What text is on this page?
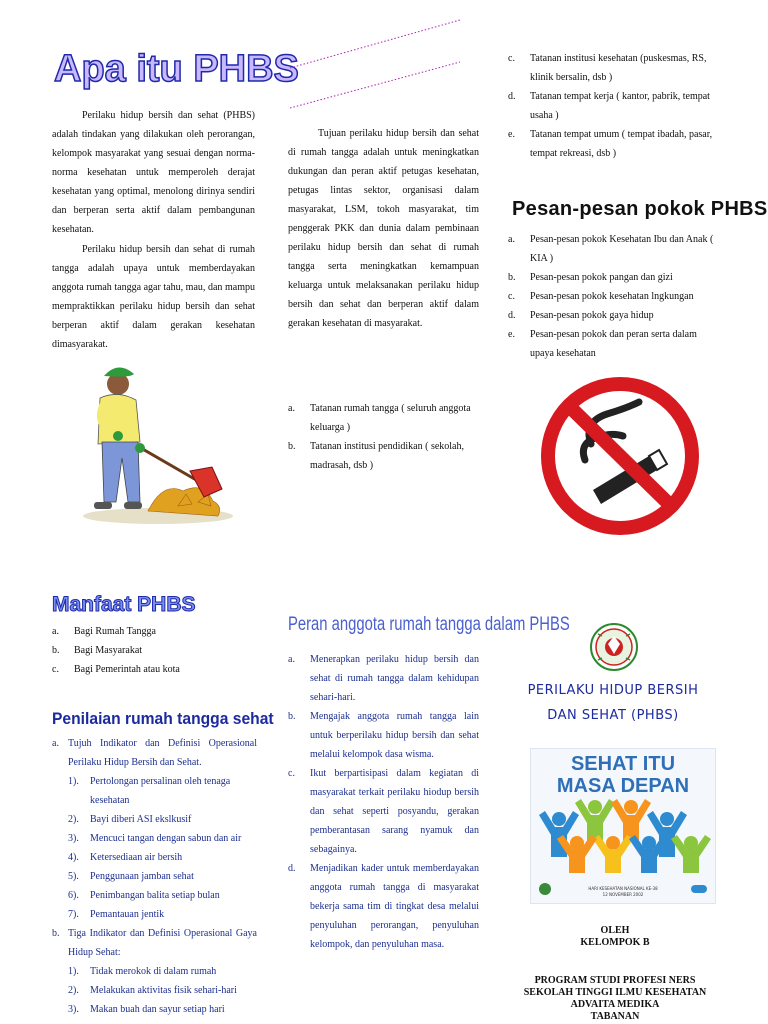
Apa itu PHBS

Perilaku hidup bersih dan sehat (PHBS) adalah tindakan yang dilakukan oleh perorangan, kelompok masyarakat yang sesuai dengan norma-norma kesehatan untuk memperoleh derajat kesehatan yang optimal, menolong dirinya sendiri dan berperan serta aktif dalam pembangunan kesehatan.

Perilaku hidup bersih dan sehat di rumah tangga adalah upaya untuk memberdayakan anggota rumah tangga agar tahu, mau, dan mampu mempraktikkan perilaku hidup bersih dan sehat berperan aktif dalam gerakan kesehatan dimasyarakat.

Manfaat PHBS
a. Bagi Rumah Tangga
b. Bagi Masyarakat
c. Bagi Pemerintah atau kota
Penilaian rumah tangga sehat
a. Tujuh Indikator dan Definisi Operasional Perilaku Hidup Bersih dan Sehat.
1). Pertolongan persalinan oleh tenaga kesehatan
2). Bayi diberi ASI ekslkusif
3). Mencuci tangan dengan sabun dan air
4). Ketersediaan air bersih
5). Penggunaan jamban sehat
6). Penimbangan balita setiap bulan
7). Pemantauan jentik
b. Tiga Indikator dan Definisi Operasional Gaya Hidup Sehat:
1). Tidak merokok di dalam rumah
2). Melakukan aktivitas fisik sehari-hari
3). Makan buah dan sayur setiap hari

Tujuan perilaku hidup bersih dan sehat di rumah tangga adalah untuk meningkatkan dukungan dan peran aktif petugas kesehatan, petugas lintas sektor, organisasi dalam masyarakat, LSM, tokoh masyarakat, tim penggerak PKK dan dunia dalam pembinaan perilaku hidup bersih dan sehat di rumah tangga serta meningkatkan kemampuan keluarga untuk melaksanakan perilaku hidup bersih dan sehat dan berperan aktif dalam gerakan kesehatan di masyarakat.

a. Tatanan rumah tangga ( seluruh anggota keluarga )
b. Tatanan institusi pendidikan ( sekolah, madrasah, dsb )
Peran anggota rumah tangga dalam PHBS
a. Menerapkan perilaku hidup bersih dan sehat di rumah tangga dalam kehidupan sehari-hari.
b. Mengajak anggota rumah tangga lain untuk berperilaku hidup bersih dan sehat melalui kelompok dasa wisma.
c. Ikut berpartisipasi dalam kegiatan di masyarakat terkait perilaku hiodup bersih dan sehat seperti posyandu, gerakan pemberantasan sarang nyamuk dan sebagainya.
d. Menjadikan kader untuk memberdayakan anggota rumah tangga di masyarakat bekerja sama tim di tingkat desa melalui penyuluhan perorangan, penyuluhan kelompok, dan penyuluhan masa.
c. Tatanan institusi kesehatan (puskesmas, RS, klinik bersalin, dsb )
d. Tatanan tempat kerja ( kantor, pabrik, tempat usaha )
e. Tatanan tempat umum ( tempat ibadah, pasar, tempat rekreasi, dsb )
Pesan-pesan pokok PHBS
a. Pesan-pesan pokok Kesehatan Ibu dan Anak ( KIA )
b. Pesan-pesan pokok pangan dan gizi
c. Pesan-pesan pokok kesehatan lngkungan
d. Pesan-pesan pokok gaya hidup
e. Pesan-pesan pokok dan peran serta dalam upaya kesehatan
PERILAKU HIDUP BERSIH
DAN SEHAT (PHBS)
SEHAT ITU
MASA DEPAN
HARI KESEHATAN NASIONAL KE-38
12 NOVEMBER 2002
OLEH
KELOMPOK B
PROGRAM STUDI PROFESI NERS
SEKOLAH TINGGI ILMU KESEHATAN
ADVAITA MEDIKA
TABANAN
